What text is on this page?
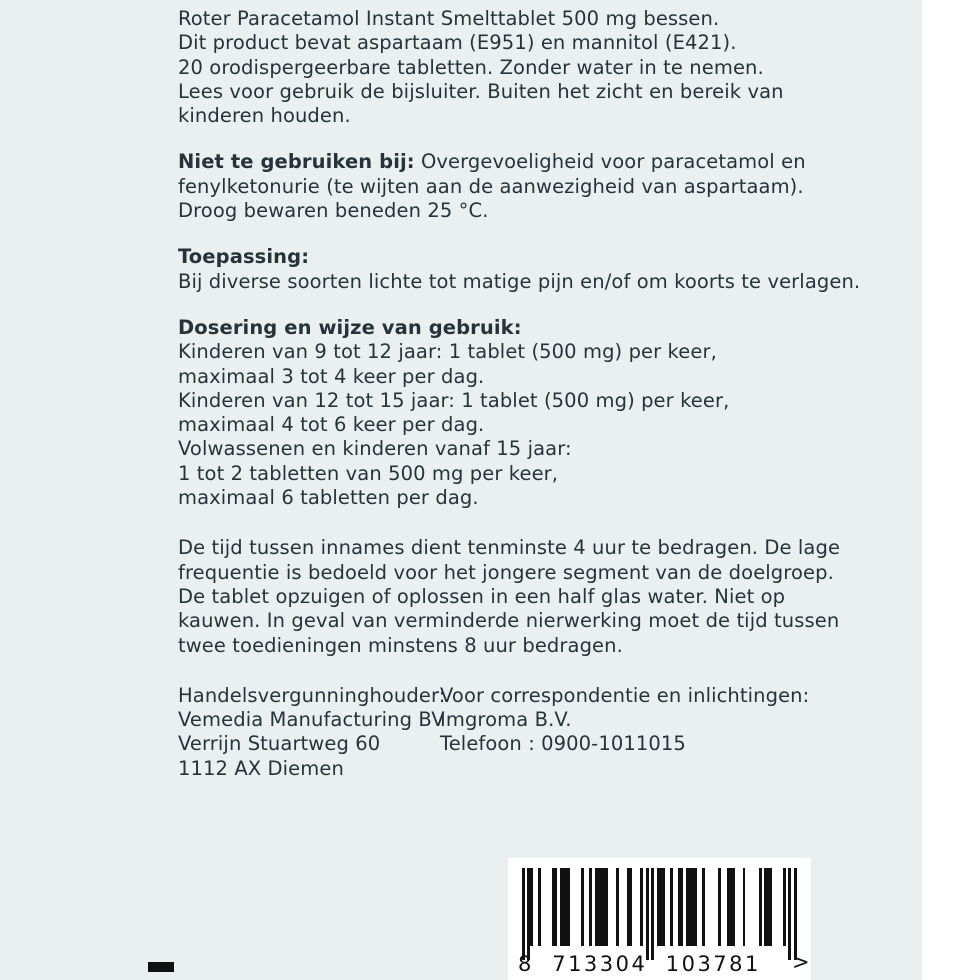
Roter Paracetamol Instant Smelttablet 500 mg bessen.
Dit product bevat aspartaam (E951) en mannitol (E421).
20 orodispergeerbare tabletten. Zonder water in te nemen.
Lees voor gebruik de bijsluiter. Buiten het zicht en bereik van
kinderen houden.
Niet te gebruiken bij: Overgevoeligheid voor paracetamol en
fenylketonurie (te wijten aan de aanwezigheid van aspartaam).
Droog bewaren beneden 25 °C.
Toepassing:
Bij diverse soorten lichte tot matige pijn en/of om koorts te verlagen.
Dosering en wijze van gebruik:
Kinderen van 9 tot 12 jaar: 1 tablet (500 mg) per keer,
maximaal 3 tot 4 keer per dag.
Kinderen van 12 tot 15 jaar: 1 tablet (500 mg) per keer,
maximaal 4 tot 6 keer per dag.
Volwassenen en kinderen vanaf 15 jaar:
1 tot 2 tabletten van 500 mg per keer,
maximaal 6 tabletten per dag.
De tijd tussen innames dient tenminste 4 uur te bedragen. De lage
frequentie is bedoeld voor het jongere segment van de doelgroep.
De tablet opzuigen of oplossen in een half glas water. Niet op
kauwen. In geval van verminderde nierwerking moet de tijd tussen
twee toedieningen minstens 8 uur bedragen.
Handelsvergunninghouder:
Vemedia Manufacturing BV
Verrijn Stuartweg 60
1112 AX Diemen
Voor correspondentie en inlichtingen:
Imgroma B.V.
Telefoon : 0900-1011015
8  713304  103781	>
